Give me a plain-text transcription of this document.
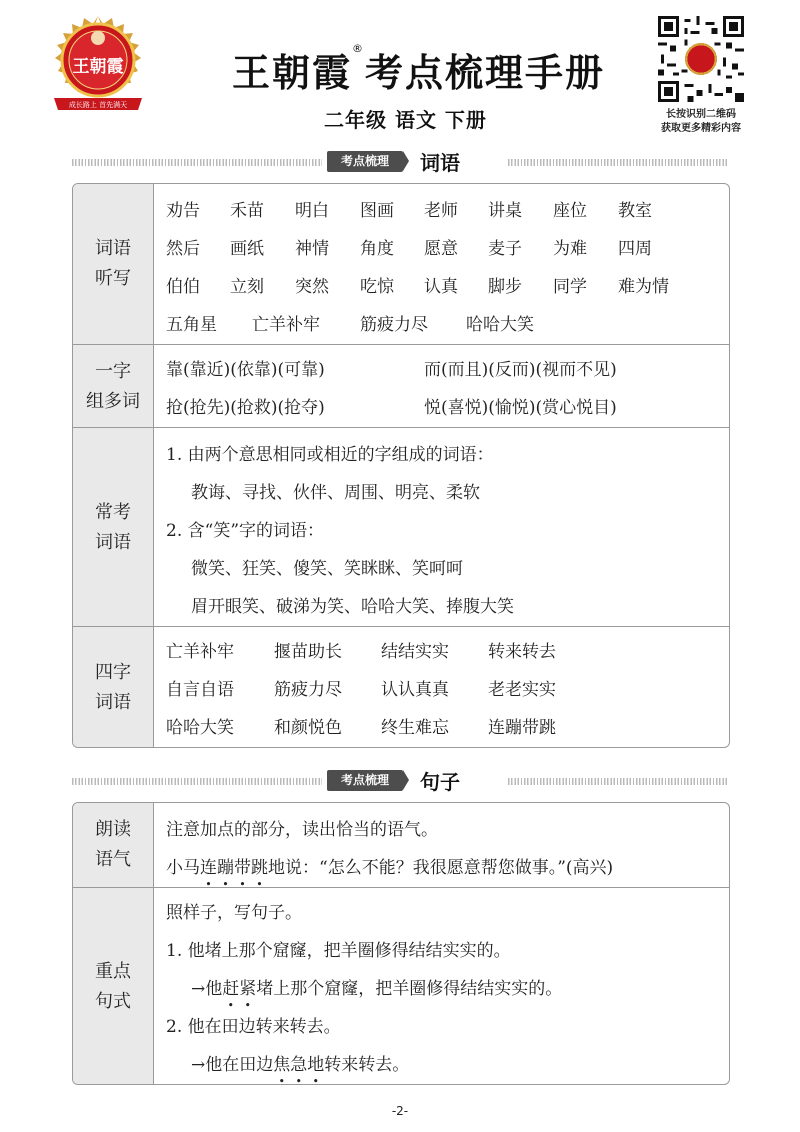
王朝霞
成长路上 首先满天
王朝霞®考点梳理手册
二年级 语文 下册	长按识别二维码
获取更多精彩内容
考点梳理	词语
词语
听写
劝告 禾苗 明白 图画 老师 讲桌 座位 教室
然后 画纸 神情 角度 愿意 麦子 为难 四周
伯伯 立刻 突然 吃惊 认真 脚步 同学 难为情
五角星 亡羊补牢 筋疲力尽 哈哈大笑
一字
组多词
靠(靠近)(依靠)(可靠)	而(而且)(反而)(视而不见)
抢(抢先)(抢救)(抢夺)	悦(喜悦)(愉悦)(赏心悦目)
常考
词语
1. 由两个意思相同或相近的字组成的词语：
教诲、寻找、伙伴、周围、明亮、柔软
2. 含“笑”字的词语：
微笑、狂笑、傻笑、笑眯眯、笑呵呵
眉开眼笑、破涕为笑、哈哈大笑、捧腹大笑
四字
词语
亡羊补牢 揠苗助长 结结实实 转来转去
自言自语 筋疲力尽 认认真真 老老实实
哈哈大笑 和颜悦色 终生难忘 连蹦带跳
考点梳理	句子
朗读
语气
注意加点的部分，读出恰当的语气。
小马连蹦带跳地说：“怎么不能？我很愿意帮您做事。”(高兴)
重点
句式
照样子，写句子。
1. 他堵上那个窟窿，把羊圈修得结结实实的。
→他赶紧堵上那个窟窿，把羊圈修得结结实实的。
2. 他在田边转来转去。
→他在田边焦急地转来转去。
-2-
